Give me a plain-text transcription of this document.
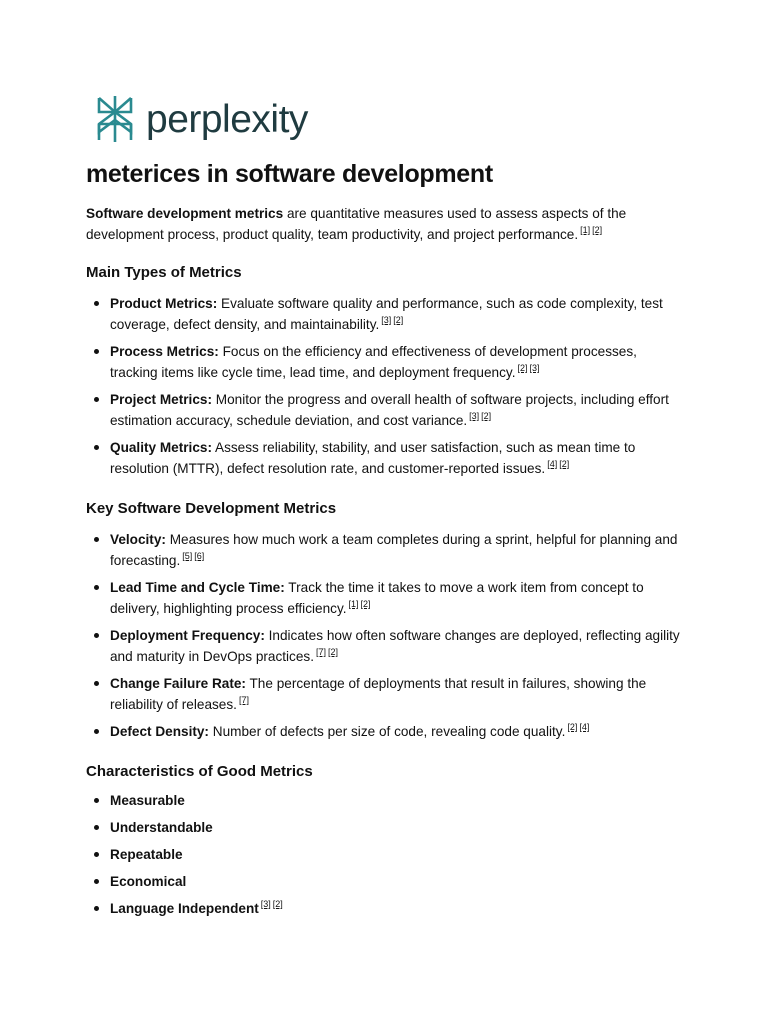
perplexity
meterices in software development

Software development metrics are quantitative measures used to assess aspects of the development process, product quality, team productivity, and project performance. [1] [2]

Main Types of Metrics
Product Metrics: Evaluate software quality and performance, such as code complexity, test coverage, defect density, and maintainability. [3] [2]
Process Metrics: Focus on the efficiency and effectiveness of development processes, tracking items like cycle time, lead time, and deployment frequency. [2] [3]
Project Metrics: Monitor the progress and overall health of software projects, including effort estimation accuracy, schedule deviation, and cost variance. [3] [2]
Quality Metrics: Assess reliability, stability, and user satisfaction, such as mean time to resolution (MTTR), defect resolution rate, and customer-reported issues. [4] [2]
Key Software Development Metrics
Velocity: Measures how much work a team completes during a sprint, helpful for planning and forecasting. [5] [6]
Lead Time and Cycle Time: Track the time it takes to move a work item from concept to delivery, highlighting process efficiency. [1] [2]
Deployment Frequency: Indicates how often software changes are deployed, reflecting agility and maturity in DevOps practices. [7] [2]
Change Failure Rate: The percentage of deployments that result in failures, showing the reliability of releases. [7]
Defect Density: Number of defects per size of code, revealing code quality. [2] [4]
Characteristics of Good Metrics
Measurable
Understandable
Repeatable
Economical
Language Independent [3] [2]
